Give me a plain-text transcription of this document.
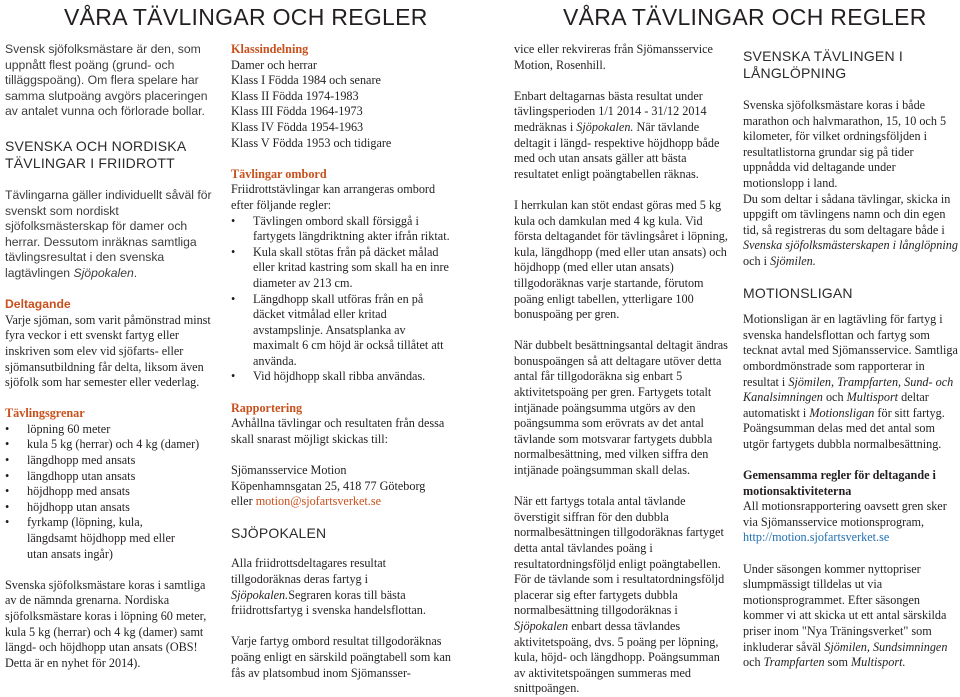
VÅRA TÄVLINGAR OCH REGLER	VÅRA TÄVLINGAR OCH REGLER

Svensk sjöfolksmästare är den, som uppnått flest poäng (grund- och tilläggspoäng). Om flera spelare har samma slutpoäng avgörs placeringen av antalet vunna och förlorade bollar.

SVENSKA OCH NORDISKA TÄVLINGAR I FRIIDROTT

Tävlingarna gäller individuellt såväl för svenskt som nordiskt sjöfolksmästerskap för damer och herrar. Dessutom inräknas samtliga tävlingsresultat i den svenska lagtävlingen Sjöpokalen.

Deltagande

Varje sjöman, som varit påmönstrad minst fyra veckor i ett svenskt fartyg eller inskriven som elev vid sjöfarts- eller sjömansutbildning får delta, liksom även sjöfolk som har semester eller vederlag.

Tävlingsgrenar
• löpning 60 meter
• kula 5 kg (herrar) och 4 kg (damer)
• längdhopp med ansats
• längdhopp utan ansats
• höjdhopp med ansats
• höjdhopp utan ansats
• fyrkamp (löpning, kula, längdsamt höjdhopp med eller utan ansats ingår)

Svenska sjöfolksmästare koras i samtliga av de nämnda grenarna. Nordiska sjöfolksmästare koras i löpning 60 meter, kula 5 kg (herrar) och 4 kg (damer) samt längd- och höjdhopp utan ansats (OBS! Detta är en nyhet för 2014).

Klassindelning
Damer och herrar
Klass I Födda 1984 och senare
Klass II Födda 1974-1983
Klass III Födda 1964-1973
Klass IV Födda 1954-1963
Klass V Födda 1953 och tidigare
Tävlingar ombord
Friidrottstävlingar kan arrangeras ombord efter följande regler:
• Tävlingen ombord skall försiggå i fartygets längdriktning akter ifrån riktat.
• Kula skall stötas från på däcket målad eller kritad kastring som skall ha en inre diameter av 213 cm.
• Längdhopp skall utföras från en på däcket vitmålad eller kritad avstampslinje. Ansatsplanka av maximalt 6 cm höjd är också tillåtet att använda.
• Vid höjdhopp skall ribba användas.
Rapportering

Avhållna tävlingar och resultaten från dessa skall snarast möjligt skickas till:

Sjömansservice Motion
Köpenhamnsgatan 25, 418 77 Göteborg

eller motion@sjofartsverket.se

SJÖPOKALEN

Alla friidrottsdeltagares resultat tillgodoräknas deras fartyg i Sjöpokalen.Segraren koras till bästa friidrottsfartyg i svenska handelsflottan.

Varje fartyg ombord resultat tillgodoräknas poäng enligt en särskild poängtabell som kan fås av platsombud inom Sjömansser-

vice eller rekvireras från Sjömansservice Motion, Rosenhill.

Enbart deltagarnas bästa resultat under tävlingsperioden 1/1 2014 - 31/12 2014 medräknas i Sjöpokalen. När tävlande deltagit i längd- respektive höjdhopp både med och utan ansats gäller att bästa resultatet enligt poängtabellen räknas.

I herrkulan kan stöt endast göras med 5 kg kula och damkulan med 4 kg kula. Vid första deltagandet för tävlingsåret i löpning, kula, längdhopp (med eller utan ansats) och höjdhopp (med eller utan ansats) tillgodoräknas varje startande, förutom poäng enligt tabellen, ytterligare 100 bonuspoäng per gren.

När dubbelt besättningsantal deltagit ändras bonuspoängen så att deltagare utöver detta antal får tillgodoräkna sig enbart 5 aktivitetspoäng per gren. Fartygets totalt intjänade poängsumma utgörs av den poängsumma som erövrats av det antal tävlande som motsvarar fartygets dubbla normalbesättning, med vilken siffra den intjänade poängsumman skall delas.

När ett fartygs totala antal tävlande överstigit siffran för den dubbla normalbesättningen tillgodoräknas fartyget detta antal tävlandes poäng i resultatordningsföljd enligt poängtabellen. För de tävlande som i resultatordningsföljd placerar sig efter fartygets dubbla normalbesättning tillgodoräknas i Sjöpokalen enbart dessa tävlandes aktivitetspoäng, dvs. 5 poäng per löpning, kula, höjd- och längdhopp. Poängsumman av aktivitetspoängen summeras med snittpoängen.

SVENSKA TÄVLINGEN I LÅNGLÖPNING

Svenska sjöfolksmästare koras i både marathon och halvmarathon, 15, 10 och 5 kilometer, för vilket ordningsföljden i resultatlistorna grundar sig på tider uppnådda vid deltagande under motionslopp i land.

Du som deltar i sådana tävlingar, skicka in uppgift om tävlingens namn och din egen tid, så registreras du som deltagare både i Svenska sjöfolksmästerskapen i långlöpning och i Sjömilen.

MOTIONSLIGAN

Motionsligan är en lagtävling för fartyg i svenska handelsflottan och fartyg som tecknat avtal med Sjömansservice. Samtliga ombordmönstrade som rapporterar in resultat i Sjömilen, Trampfarten, Sund- och Kanalsimningen och Multisport deltar automatiskt i Motionsligan för sitt fartyg. Poängsumman delas med det antal som utgör fartygets dubbla normalbesättning.

Gemensamma regler för deltagande i motionsaktiviteterna
All motionsrapportering oavsett gren sker via Sjömansservice motionsprogram,

http://motion.sjofartsverket.se

Under säsongen kommer nyttopriser slumpmässigt tilldelas ut via motionsprogrammet. Efter säsongen kommer vi att skicka ut ett antal särskilda priser inom "Nya Träningsverket" som inkluderar såväl Sjömilen, Sundsimningen och Trampfarten som Multisport.
